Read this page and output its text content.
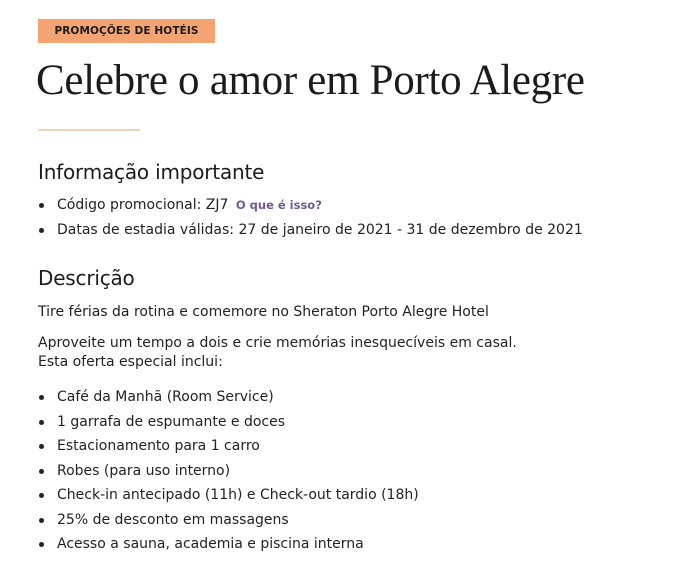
PROMOÇÕES DE HOTÉIS
Celebre o amor em Porto Alegre
Informação importante
Código promocional: ZJ7 O que é isso?
Datas de estadia válidas: 27 de janeiro de 2021 - 31 de dezembro de 2021
Descrição

Tire férias da rotina e comemore no Sheraton Porto Alegre Hotel

Aproveite um tempo a dois e crie memórias inesquecíveis em casal.

Esta oferta especial inclui:

Café da Manhã (Room Service)
1 garrafa de espumante e doces
Estacionamento para 1 carro
Robes (para uso interno)
Check-in antecipado (11h) e Check-out tardio (18h)
25% de desconto em massagens
Acesso a sauna, academia e piscina interna
